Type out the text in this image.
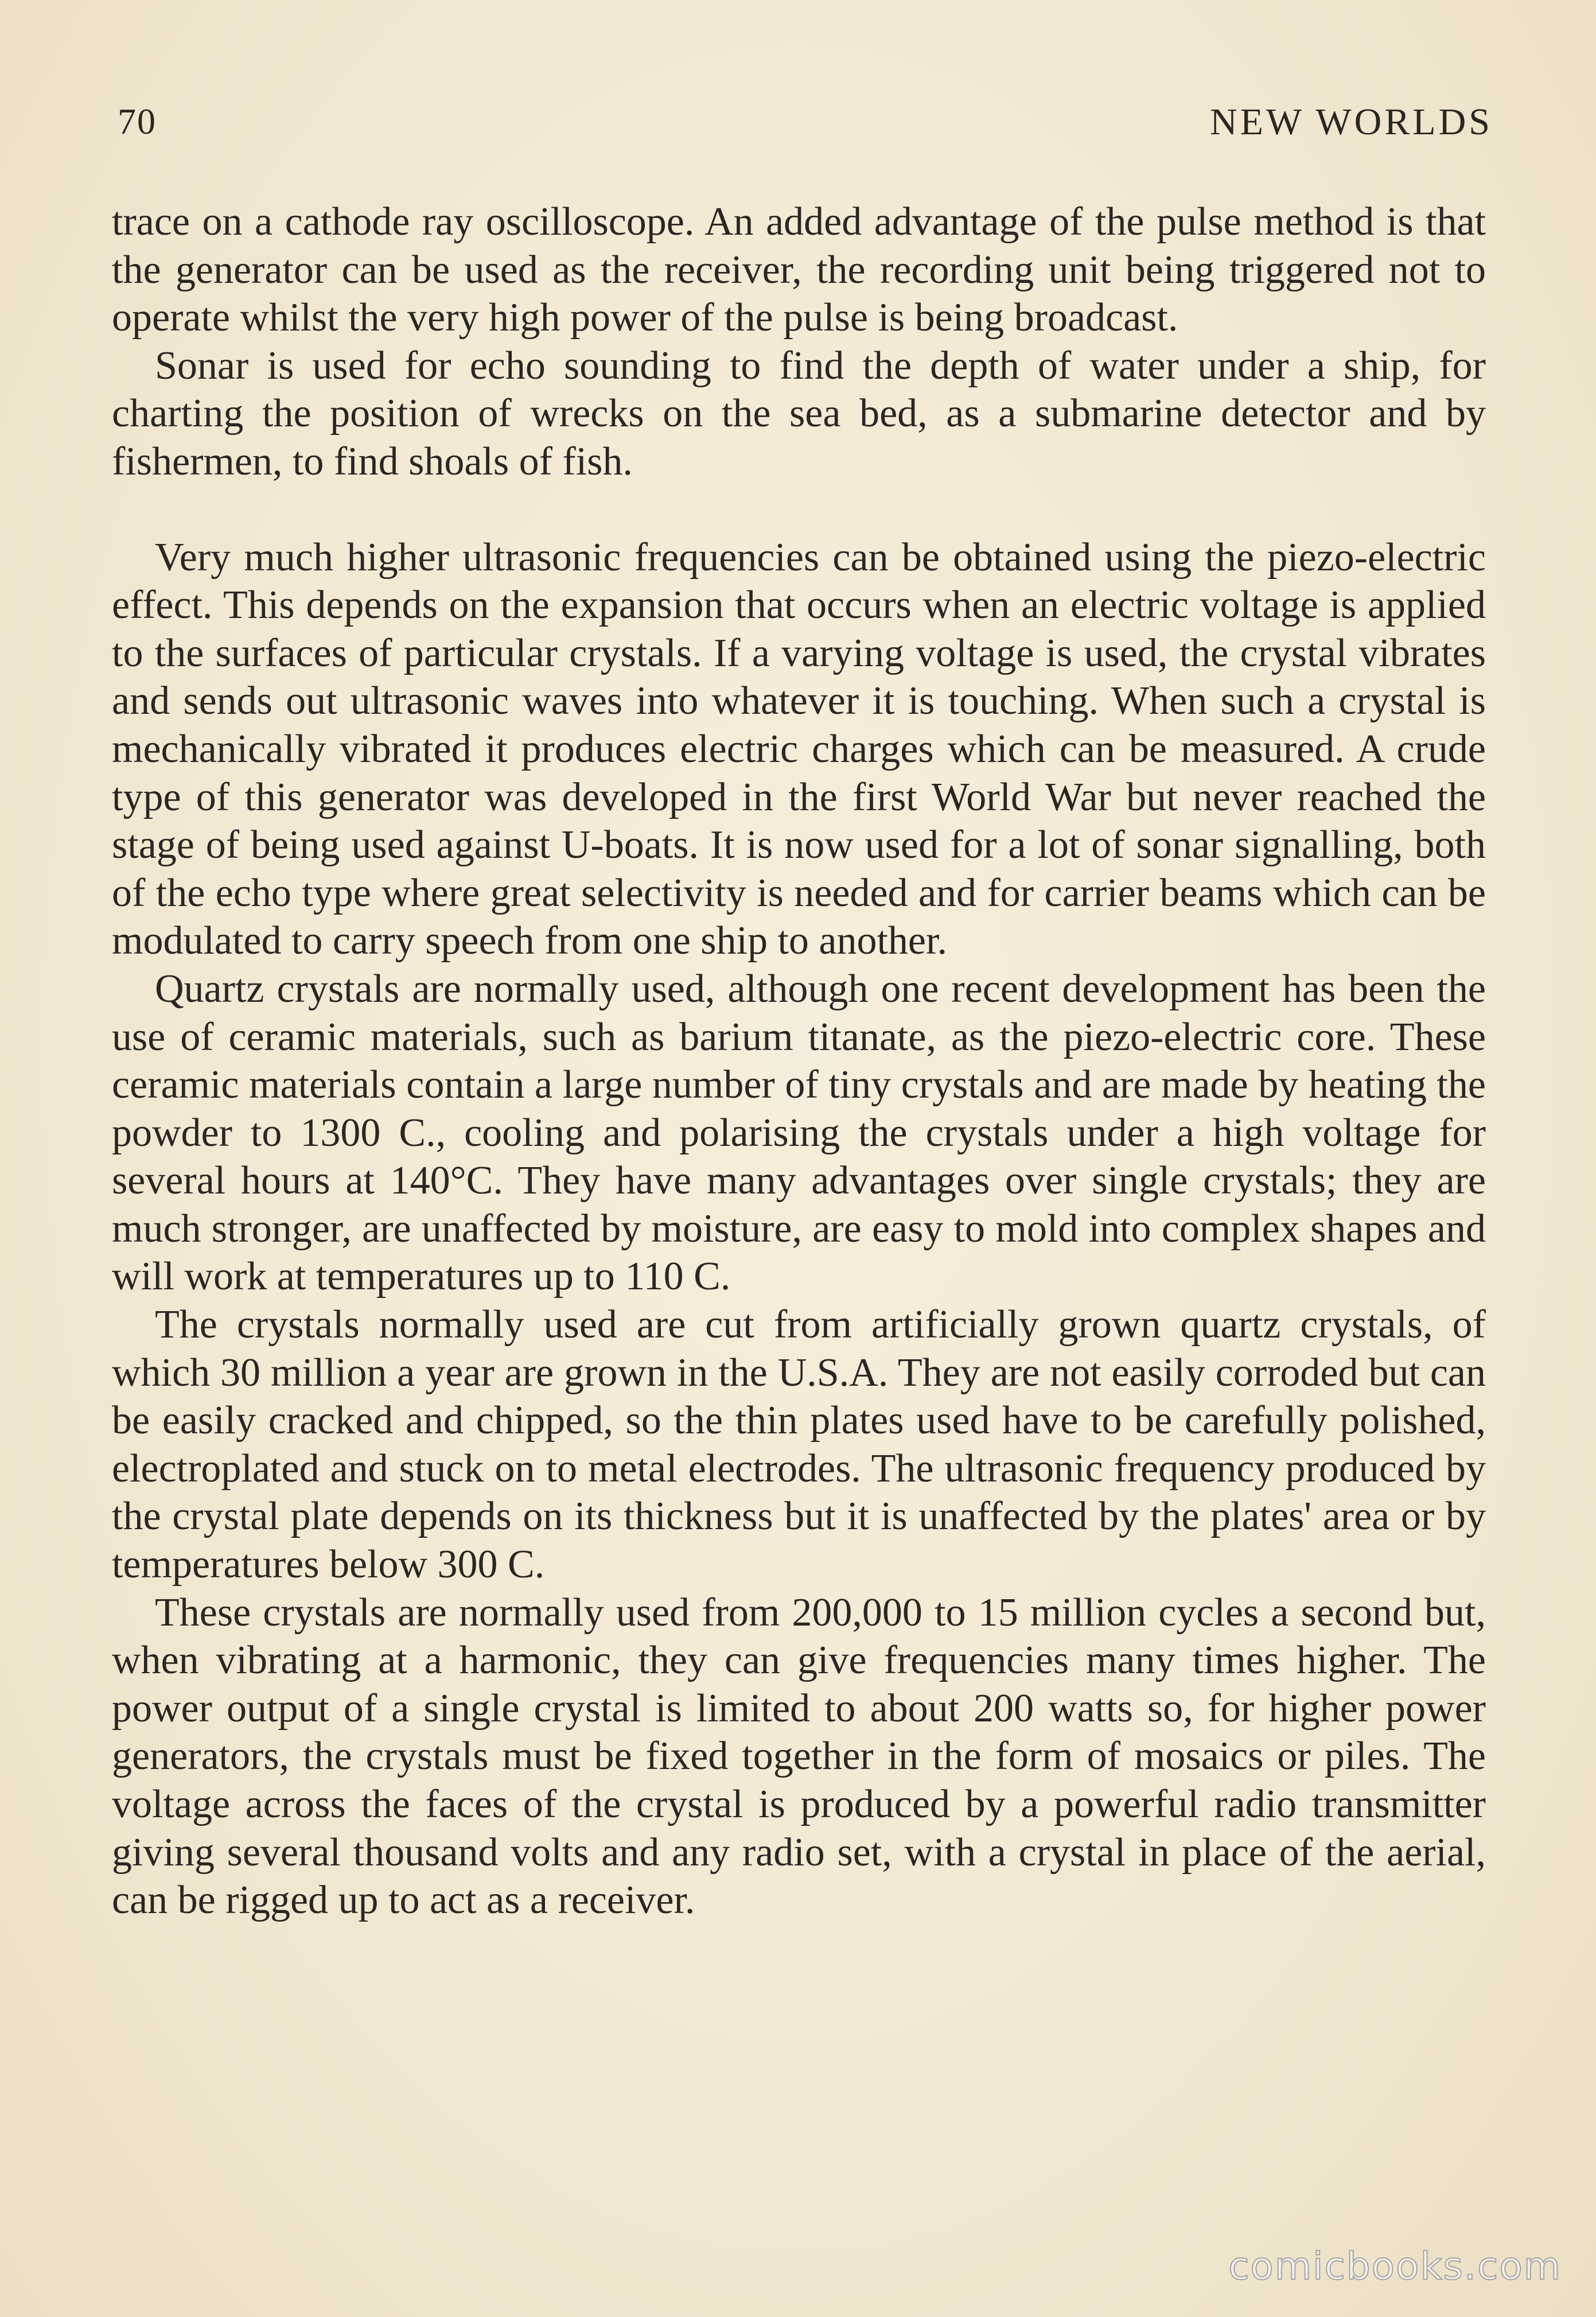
70	NEW WORLDS

trace on a cathode ray oscilloscope. An added advantage of the pulse method is that the generator can be used as the receiver, the recording unit being triggered not to operate whilst the very high power of the pulse is being broadcast.

Sonar is used for echo sounding to find the depth of water under a ship, for charting the position of wrecks on the sea bed, as a submarine detector and by fishermen, to find shoals of fish.

Very much higher ultrasonic frequencies can be obtained using the piezo-electric effect. This depends on the expansion that occurs when an electric voltage is applied to the surfaces of particular crystals. If a varying voltage is used, the crystal vibrates and sends out ultrasonic waves into whatever it is touching. When such a crystal is mechanically vibrated it produces electric charges which can be measured. A crude type of this generator was developed in the first World War but never reached the stage of being used against U-boats. It is now used for a lot of sonar signalling, both of the echo type where great selectivity is needed and for carrier beams which can be modulated to carry speech from one ship to another.

Quartz crystals are normally used, although one recent development has been the use of ceramic materials, such as barium titanate, as the piezo-electric core. These ceramic materials contain a large number of tiny crystals and are made by heating the powder to 1300 C., cooling and polarising the crystals under a high voltage for several hours at 140°C. They have many advantages over single crystals; they are much stronger, are unaffected by moisture, are easy to mold into complex shapes and will work at temperatures up to 110 C.

The crystals normally used are cut from artificially grown quartz crystals, of which 30 million a year are grown in the U.S.A. They are not easily corroded but can be easily cracked and chipped, so the thin plates used have to be carefully polished, electroplated and stuck on to metal electrodes. The ultrasonic frequency produced by the crystal plate depends on its thickness but it is unaffected by the plates' area or by temperatures below 300 C.

These crystals are normally used from 200,000 to 15 million cycles a second but, when vibrating at a harmonic, they can give frequencies many times higher. The power output of a single crystal is limited to about 200 watts so, for higher power generators, the crystals must be fixed together in the form of mosaics or piles. The voltage across the faces of the crystal is produced by a powerful radio transmitter giving several thousand volts and any radio set, with a crystal in place of the aerial, can be rigged up to act as a receiver.

comicbooks.com
